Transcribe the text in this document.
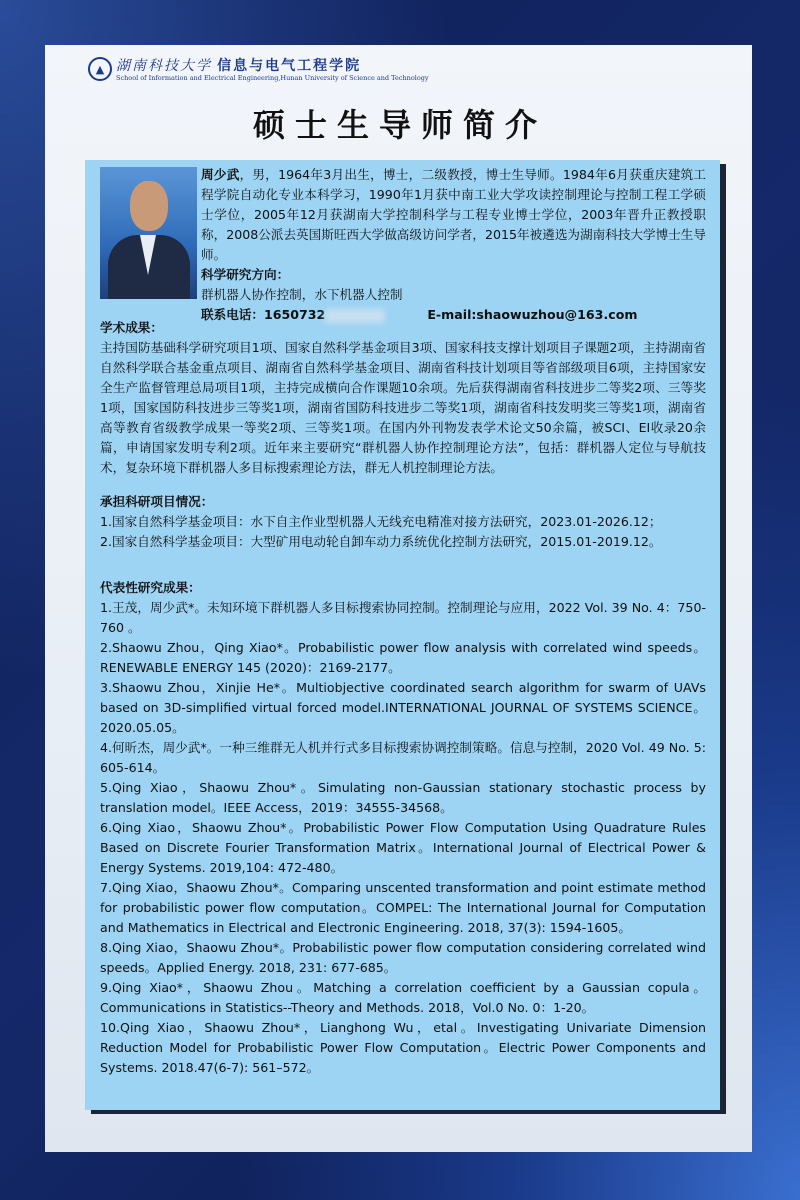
▲ 湖南科技大学 信息与电气工程学院
School of Information and Electrical Engineering,Hunan University of Science and Technology
硕士生导师简介

周少武，男，1964年3月出生，博士，二级教授，博士生导师。1984年6月获重庆建筑工程学院自动化专业本科学习，1990年1月获中南工业大学攻读控制理论与控制工程工学硕士学位，2005年12月获湖南大学控制科学与工程专业博士学位，2003年晋升正教授职称，2008公派去英国斯旺西大学做高级访问学者，2015年被遴选为湖南科技大学博士生导师。

科学研究方向：

群机器人协作控制，水下机器人控制

联系电话：1650732	E-mail:shaowuzhou@163.com

学术成果：

主持国防基础科学研究项目1项、国家自然科学基金项目3项、国家科技支撑计划项目子课题2项，主持湖南省自然科学联合基金重点项目、湖南省自然科学基金项目、湖南省科技计划项目等省部级项目6项，主持国家安全生产监督管理总局项目1项，主持完成横向合作课题10余项。先后获得湖南省科技进步二等奖2项、三等奖1项，国家国防科技进步三等奖1项，湖南省国防科技进步二等奖1项，湖南省科技发明奖三等奖1项，湖南省高等教育省级教学成果一等奖2项、三等奖1项。在国内外刊物发表学术论文50余篇，被SCI、EI收录20余篇，申请国家发明专利2项。近年来主要研究“群机器人协作控制理论方法”，包括：群机器人定位与导航技术，复杂环境下群机器人多目标搜索理论方法，群无人机控制理论方法。

承担科研项目情况：

1.国家自然科学基金项目：水下自主作业型机器人无线充电精准对接方法研究，2023.01-2026.12；

2.国家自然科学基金项目：大型矿用电动轮自卸车动力系统优化控制方法研究，2015.01-2019.12。

代表性研究成果：

1.王茂，周少武*。未知环境下群机器人多目标搜索协同控制。控制理论与应用，2022 Vol. 39 No. 4：750-760 。

2.Shaowu Zhou，Qing Xiao*。Probabilistic power flow analysis with correlated wind speeds。RENEWABLE ENERGY 145 (2020)：2169-2177。

3.Shaowu Zhou，Xinjie He*。Multiobjective coordinated search algorithm for swarm of UAVs based on 3D-simplified virtual forced model.INTERNATIONAL JOURNAL OF SYSTEMS SCIENCE。2020.05.05。

4.何昕杰，周少武*。一种三维群无人机并行式多目标搜索协调控制策略。信息与控制，2020 Vol. 49 No. 5: 605-614。

5.Qing Xiao，Shaowu Zhou*。Simulating non-Gaussian stationary stochastic process by translation model。IEEE Access，2019：34555-34568。

6.Qing Xiao，Shaowu Zhou*。Probabilistic Power Flow Computation Using Quadrature Rules Based on Discrete Fourier Transformation Matrix。International Journal of Electrical Power & Energy Systems. 2019,104: 472-480。

7.Qing Xiao，Shaowu Zhou*。Comparing unscented transformation and point estimate method for probabilistic power flow computation。COMPEL: The International Journal for Computation and Mathematics in Electrical and Electronic Engineering. 2018, 37(3): 1594-1605。

8.Qing Xiao，Shaowu Zhou*。Probabilistic power flow computation considering correlated wind speeds。Applied Energy. 2018, 231: 677-685。

9.Qing Xiao*，Shaowu Zhou。Matching a correlation coefficient by a Gaussian copula。Communications in Statistics--Theory and Methods. 2018，Vol.0 No. 0：1-20。

10.Qing Xiao，Shaowu Zhou*，Lianghong Wu，etal。Investigating Univariate Dimension Reduction Model for Probabilistic Power Flow Computation。Electric Power Components and Systems. 2018.47(6-7): 561–572。
